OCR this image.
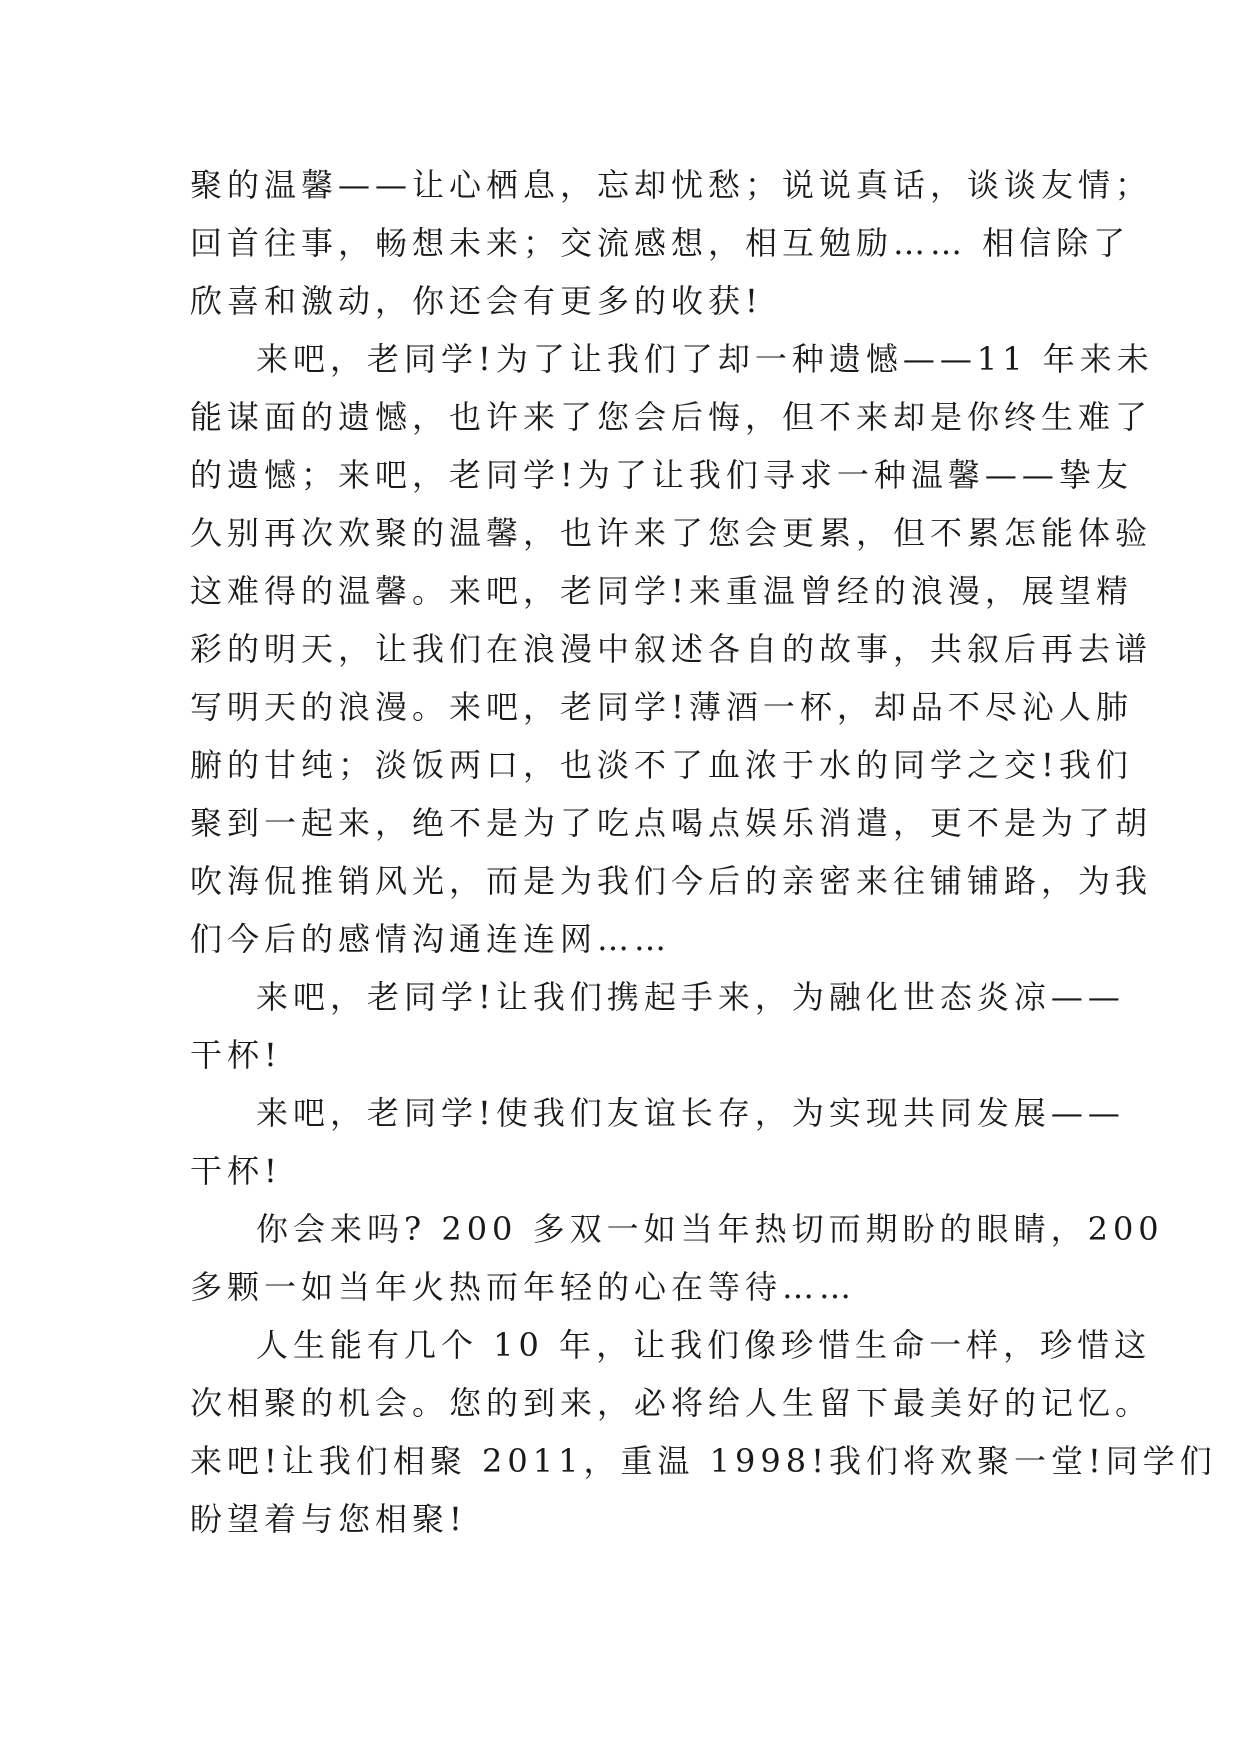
聚的温馨——让心栖息，忘却忧愁；说说真话，谈谈友情；
回首往事，畅想未来；交流感想，相互勉励…… 相信除了
欣喜和激动，你还会有更多的收获!
来吧，老同学!为了让我们了却一种遗憾——11 年来未
能谋面的遗憾，也许来了您会后悔，但不来却是你终生难了
的遗憾；来吧，老同学!为了让我们寻求一种温馨——挚友
久别再次欢聚的温馨，也许来了您会更累，但不累怎能体验
这难得的温馨。来吧，老同学!来重温曾经的浪漫，展望精
彩的明天，让我们在浪漫中叙述各自的故事，共叙后再去谱
写明天的浪漫。来吧，老同学!薄酒一杯，却品不尽沁人肺
腑的甘纯；淡饭两口，也淡不了血浓于水的同学之交!我们
聚到一起来，绝不是为了吃点喝点娱乐消遣，更不是为了胡
吹海侃推销风光，而是为我们今后的亲密来往铺铺路，为我
们今后的感情沟通连连网……
来吧，老同学!让我们携起手来，为融化世态炎凉——
干杯!
来吧，老同学!使我们友谊长存，为实现共同发展——
干杯!
你会来吗? 200 多双一如当年热切而期盼的眼睛，200
多颗一如当年火热而年轻的心在等待……
人生能有几个 10 年，让我们像珍惜生命一样，珍惜这
次相聚的机会。您的到来，必将给人生留下最美好的记忆。
来吧!让我们相聚 2011，重温 1998!我们将欢聚一堂!同学们
盼望着与您相聚!
